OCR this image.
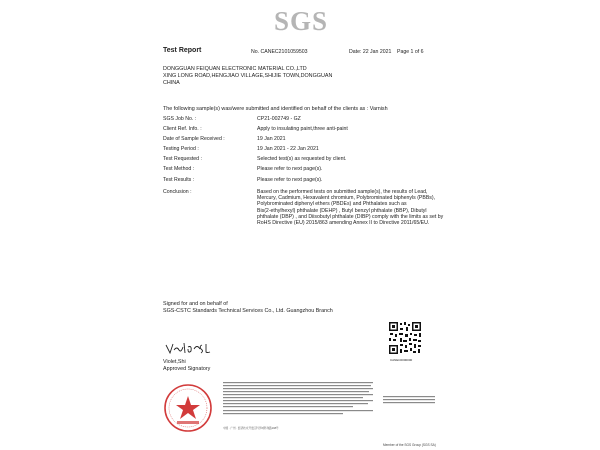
SGS
Test Report	No. CANEC2101059503	Date: 22 Jan 2021 Page 1 of 6
DONGGUAN FEIQUAN ELECTRONIC MATERIAL CO.,LTD
XING LONG ROAD,HENGJIAO VILLAGE,SHIJIE TOWN,DONGGUAN
CHINA
The following sample(s) was/were submitted and identified on behalf of the clients as : Varnish
SGS Job No. :	CP21-002749 - GZ
Client Ref. Info. :	Apply to insulating paint,three anti-paint
Date of Sample Received :	19 Jan 2021
Testing Period :	19 Jan 2021 - 22 Jan 2021
Test Requested :	Selected test(s) as requested by client.
Test Method :	Please refer to next page(s).
Test Results :	Please refer to next page(s).
Conclusion :	Based on the performed tests on submitted sample(s), the results of Lead,
Mercury, Cadmium, Hexavalent chromium, Polybrominated biphenyls (PBBs),
Polybrominated diphenyl ethers (PBDEs) and Phthalates such as
Bis(2-ethylhexyl) phthalate (DEHP) , Butyl benzyl phthalate (BBP), Dibutyl
phthalate (DBP) , and Diisobutyl phthalate (DIBP) comply with the limits as set by
RoHS Directive (EU) 2015/863 amending Annex II to Directive 2011/65/EU.
Signed for and on behalf of
SGS-CSTC Standards Technical Services Co., Ltd. Guangzhou Branch
Violet,Shi
Approved Signatory
CANEC0000000
中国 · 广州 · 经济技术开发区科学城科珠路198号
Member of the SGS Group (SGS SA)
